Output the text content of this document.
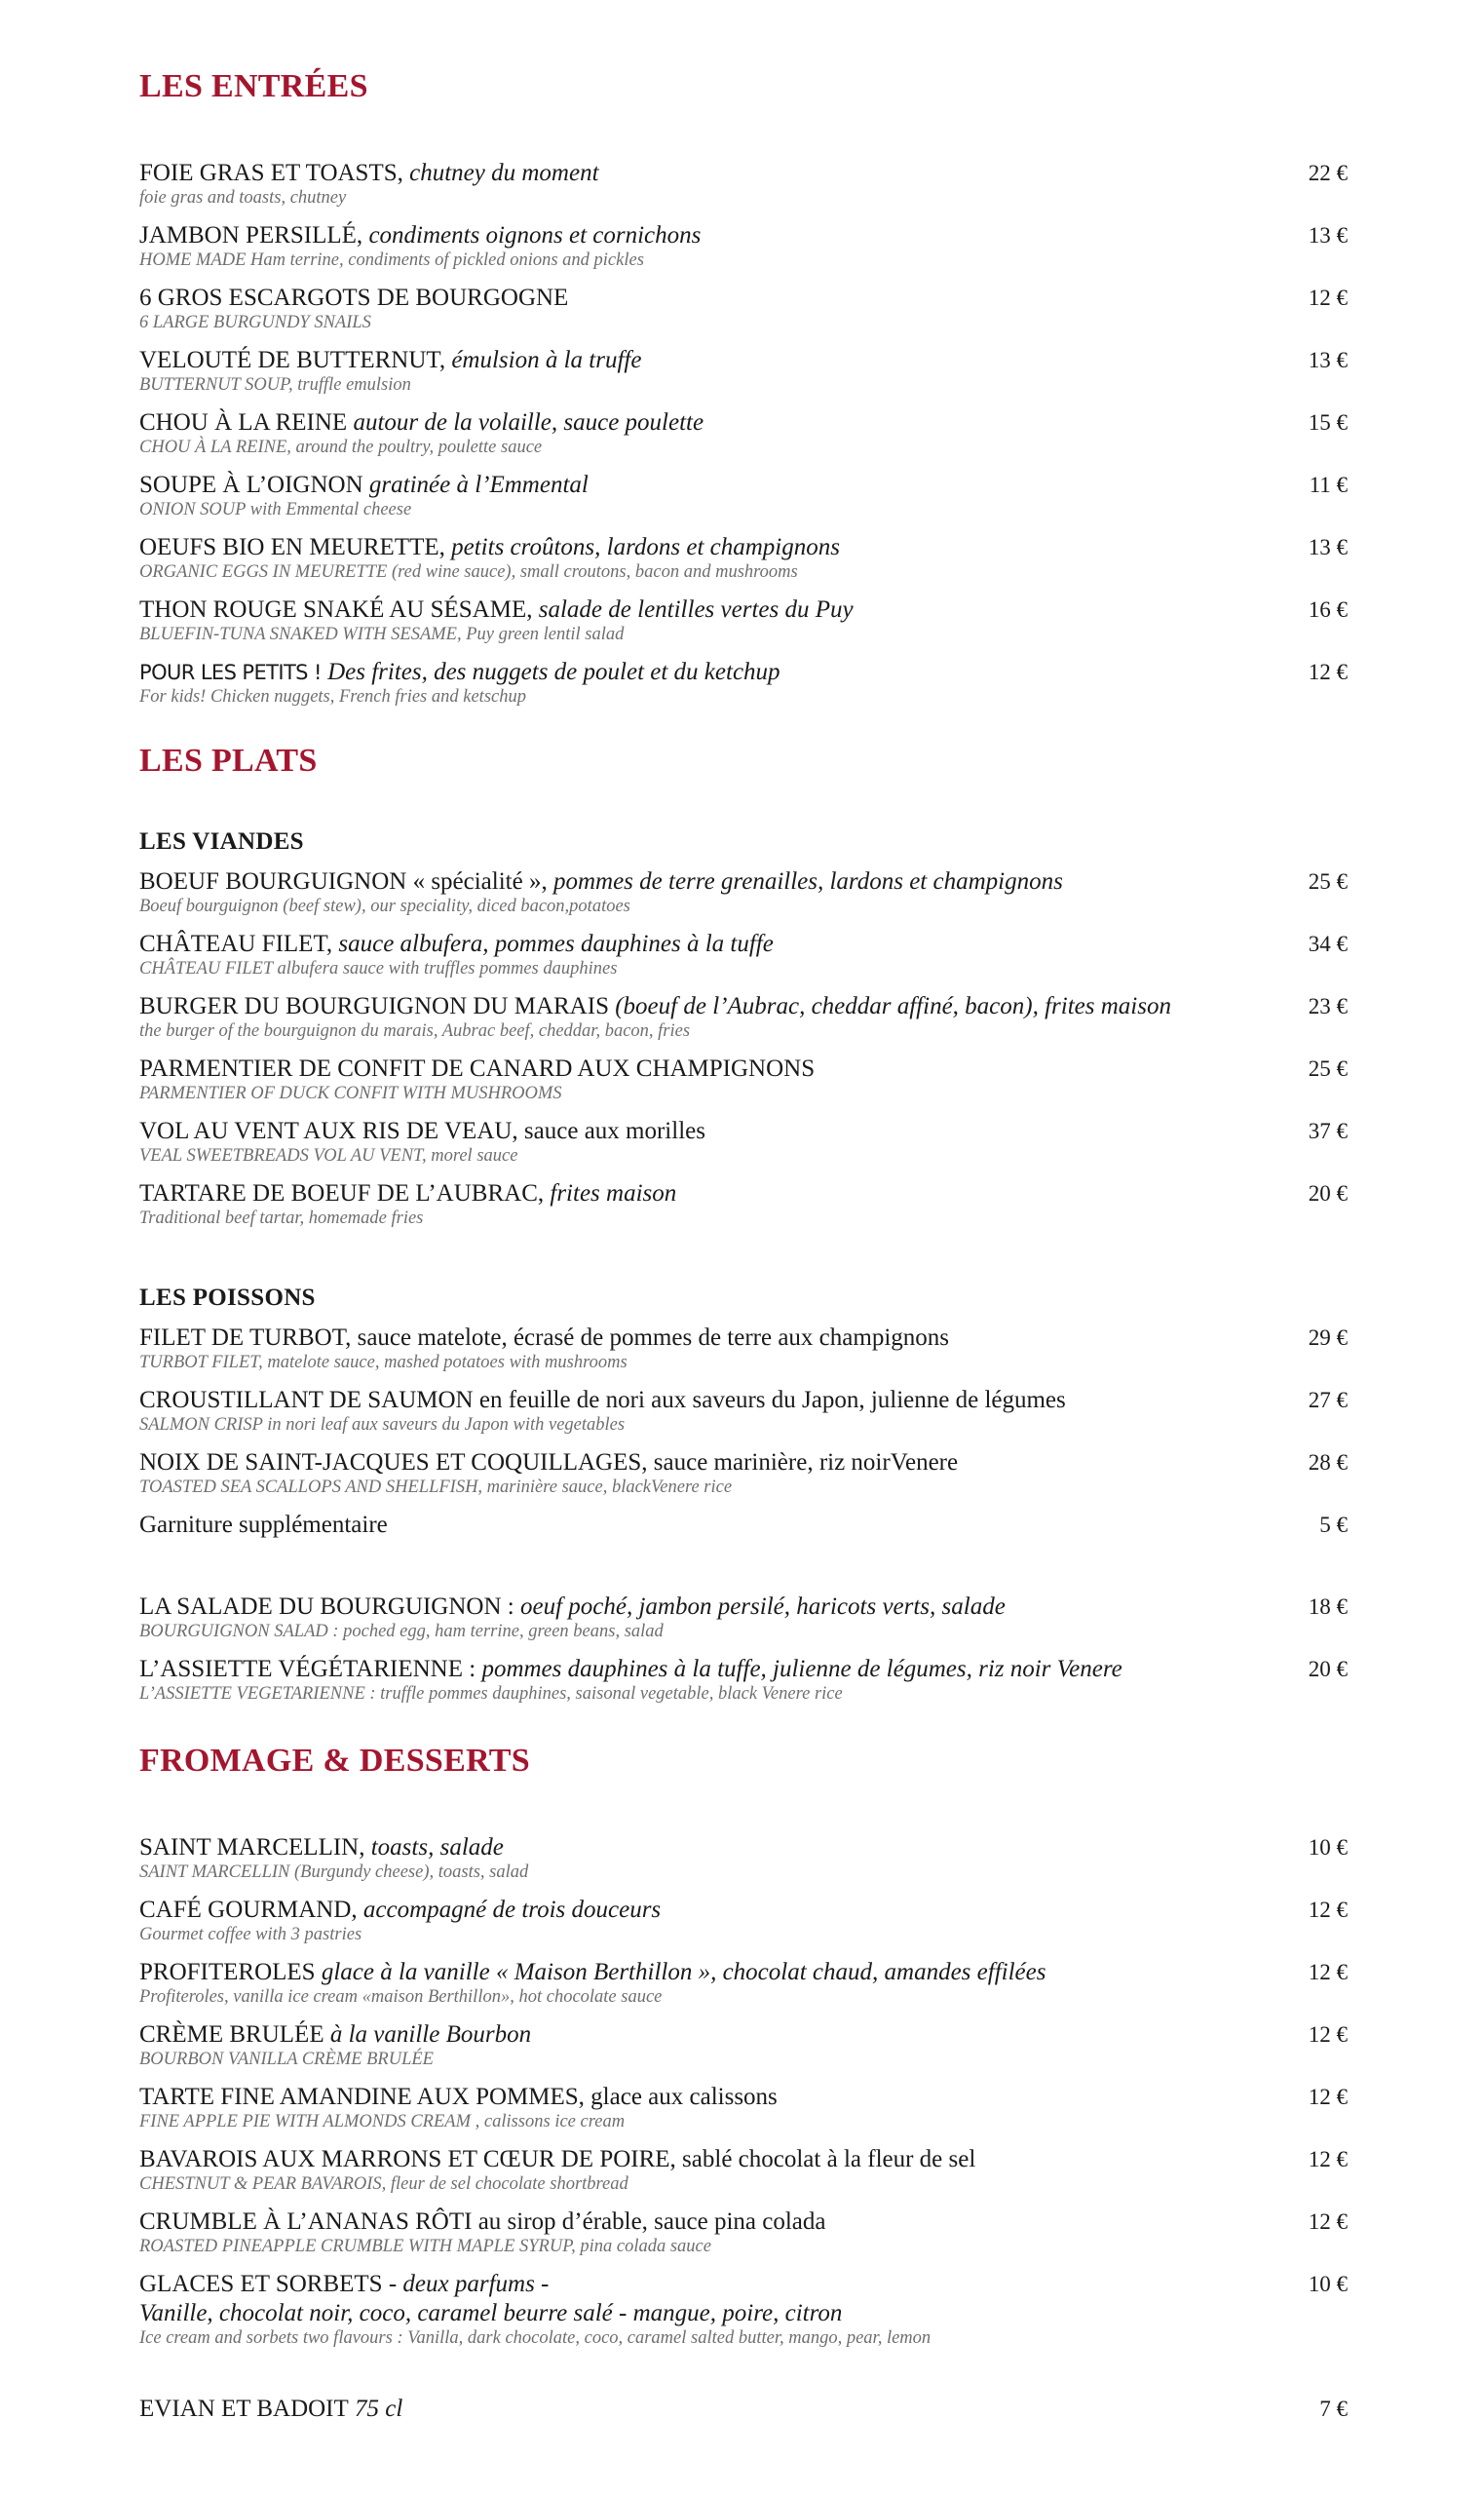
LES ENTRÉES
FOIE GRAS ET TOASTS, chutney du moment
foie gras and toasts, chutney
22 €
JAMBON PERSILLÉ, condiments oignons et cornichons
HOME MADE Ham terrine, condiments of pickled onions and pickles
13 €
6 GROS ESCARGOTS DE BOURGOGNE
6 LARGE BURGUNDY SNAILS
12 €
VELOUTÉ DE BUTTERNUT, émulsion à la truffe
BUTTERNUT SOUP, truffle emulsion
13 €
CHOU À LA REINE autour de la volaille, sauce poulette
CHOU À LA REINE, around the poultry, poulette sauce
15 €
SOUPE À L’OIGNON gratinée à l’Emmental
ONION SOUP with Emmental cheese
11 €
OEUFS BIO EN MEURETTE, petits croûtons, lardons et champignons
ORGANIC EGGS IN MEURETTE (red wine sauce), small croutons, bacon and mushrooms
13 €
THON ROUGE SNAKÉ AU SÉSAME, salade de lentilles vertes du Puy
BLUEFIN-TUNA SNAKED WITH SESAME, Puy green lentil salad
16 €
POUR LES PETITS ! Des frites, des nuggets de poulet et du ketchup
For kids! Chicken nuggets, French fries and ketschup
12 €
LES PLATS
LES VIANDES
BOEUF BOURGUIGNON « spécialité », pommes de terre grenailles, lardons et champignons
Boeuf bourguignon (beef stew), our speciality, diced bacon,potatoes
25 €
CHÂTEAU FILET, sauce albufera, pommes dauphines à la tuffe
CHÂTEAU FILET albufera sauce with truffles pommes dauphines
34 €
BURGER DU BOURGUIGNON DU MARAIS (boeuf de l’Aubrac, cheddar affiné, bacon), frites maison
the burger of the bourguignon du marais, Aubrac beef, cheddar, bacon, fries
23 €
PARMENTIER DE CONFIT DE CANARD AUX CHAMPIGNONS
PARMENTIER OF DUCK CONFIT WITH MUSHROOMS
25 €
VOL AU VENT AUX RIS DE VEAU, sauce aux morilles
VEAL SWEETBREADS VOL AU VENT, morel sauce
37 €
TARTARE DE BOEUF DE L’AUBRAC, frites maison
Traditional beef tartar, homemade fries
20 €
LES POISSONS
FILET DE TURBOT, sauce matelote, écrasé de pommes de terre aux champignons
TURBOT FILET, matelote sauce, mashed potatoes with mushrooms
29 €
CROUSTILLANT DE SAUMON en feuille de nori aux saveurs du Japon, julienne de légumes
SALMON CRISP in nori leaf aux saveurs du Japon with vegetables
27 €
NOIX DE SAINT-JACQUES ET COQUILLAGES, sauce marinière, riz noirVenere
TOASTED SEA SCALLOPS AND SHELLFISH, marinière sauce, blackVenere rice
28 €
Garniture supplémentaire	5 €
LA SALADE DU BOURGUIGNON : oeuf poché, jambon persilé, haricots verts, salade
BOURGUIGNON SALAD : poched egg, ham terrine, green beans, salad
18 €
L’ASSIETTE VÉGÉTARIENNE : pommes dauphines à la tuffe, julienne de légumes, riz noir Venere
L’ASSIETTE VEGETARIENNE : truffle pommes dauphines, saisonal vegetable, black Venere rice
20 €
FROMAGE & DESSERTS
SAINT MARCELLIN, toasts, salade
SAINT MARCELLIN (Burgundy cheese), toasts, salad
10 €
CAFÉ GOURMAND, accompagné de trois douceurs
Gourmet coffee with 3 pastries
12 €
PROFITEROLES glace à la vanille « Maison Berthillon », chocolat chaud, amandes effilées
Profiteroles, vanilla ice cream «maison Berthillon», hot chocolate sauce
12 €
CRÈME BRULÉE à la vanille Bourbon
BOURBON VANILLA CRÈME BRULÉE
12 €
TARTE FINE AMANDINE AUX POMMES, glace aux calissons
FINE APPLE PIE WITH ALMONDS CREAM , calissons ice cream
12 €
BAVAROIS AUX MARRONS ET CŒUR DE POIRE, sablé chocolat à la fleur de sel
CHESTNUT & PEAR BAVAROIS, fleur de sel chocolate shortbread
12 €
CRUMBLE À L’ANANAS RÔTI au sirop d’érable, sauce pina colada
ROASTED PINEAPPLE CRUMBLE WITH MAPLE SYRUP, pina colada sauce
12 €
GLACES ET SORBETS - deux parfums -
Vanille, chocolat noir, coco, caramel beurre salé - mangue, poire, citron
Ice cream and sorbets two flavours : Vanilla, dark chocolate, coco, caramel salted butter, mango, pear, lemon
10 €
EVIAN ET BADOIT 75 cl	7 €
